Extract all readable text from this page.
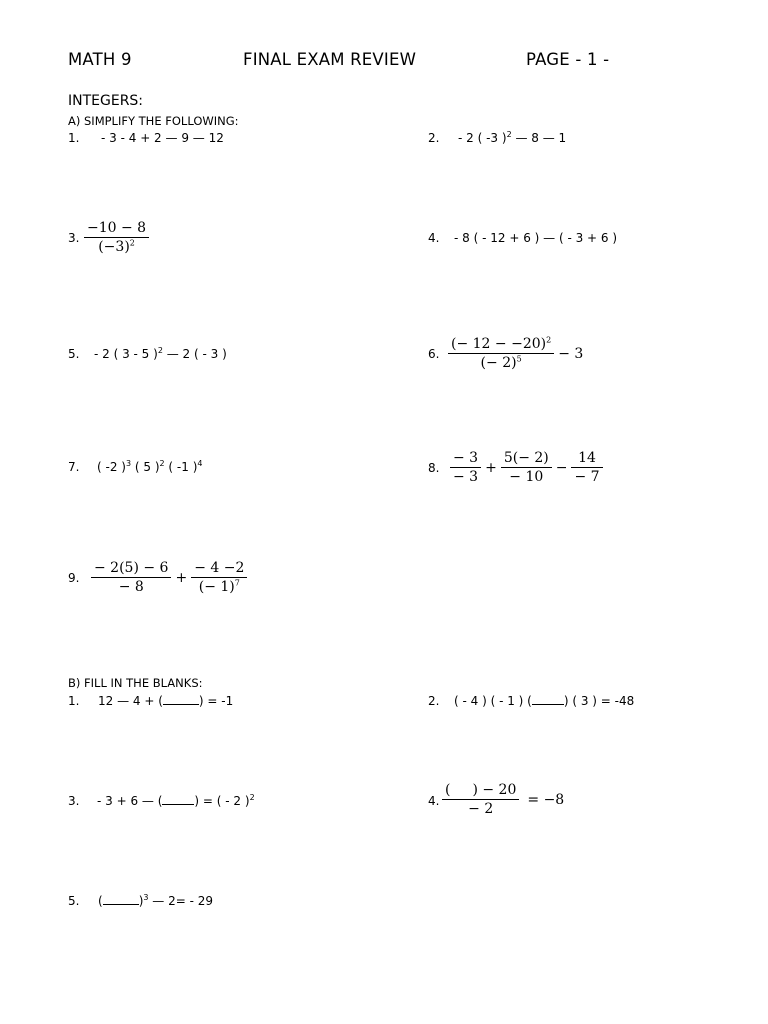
MATH 9	FINAL EXAM REVIEW	PAGE - 1 -
INTEGERS:
A) SIMPLIFY THE FOLLOWING:
1. - 3 - 4 + 2 — 9 — 12	2. - 2 ( -3 )$^2$ — 8 — 1
3. $\frac{-10 - 8}{(-3)^2}$	4. - 8 ( - 12 + 6 ) — ( - 3 + 6 )
5. - 2 ( 3 - 5 )$^2$ — 2 ( - 3 )	6. $\frac{(- 12 - -20)^2}{(- 2)^5} - 3$
7. ( -2 )$^3$ ( 5 )$^2$ ( -1 )$^4$	8. $\frac{- 3}{- 3} + \frac{5(- 2)}{- 10} - \frac{14}{- 7}$
9. $\frac{- 2(5) - 6}{- 8} + \frac{- 4 -2}{(- 1)^7}$
B) FILL IN THE BLANKS:
1. 12 — 4 + (	) = -1	2. ( - 4 ) ( - 1 ) (	) ( 3 ) = -48
3. - 3 + 6 — (	) = ( - 2 )$^2$	4. $\frac{( ) - 20}{- 2} = -8$
5. (	)$^3$ — 2= - 29
